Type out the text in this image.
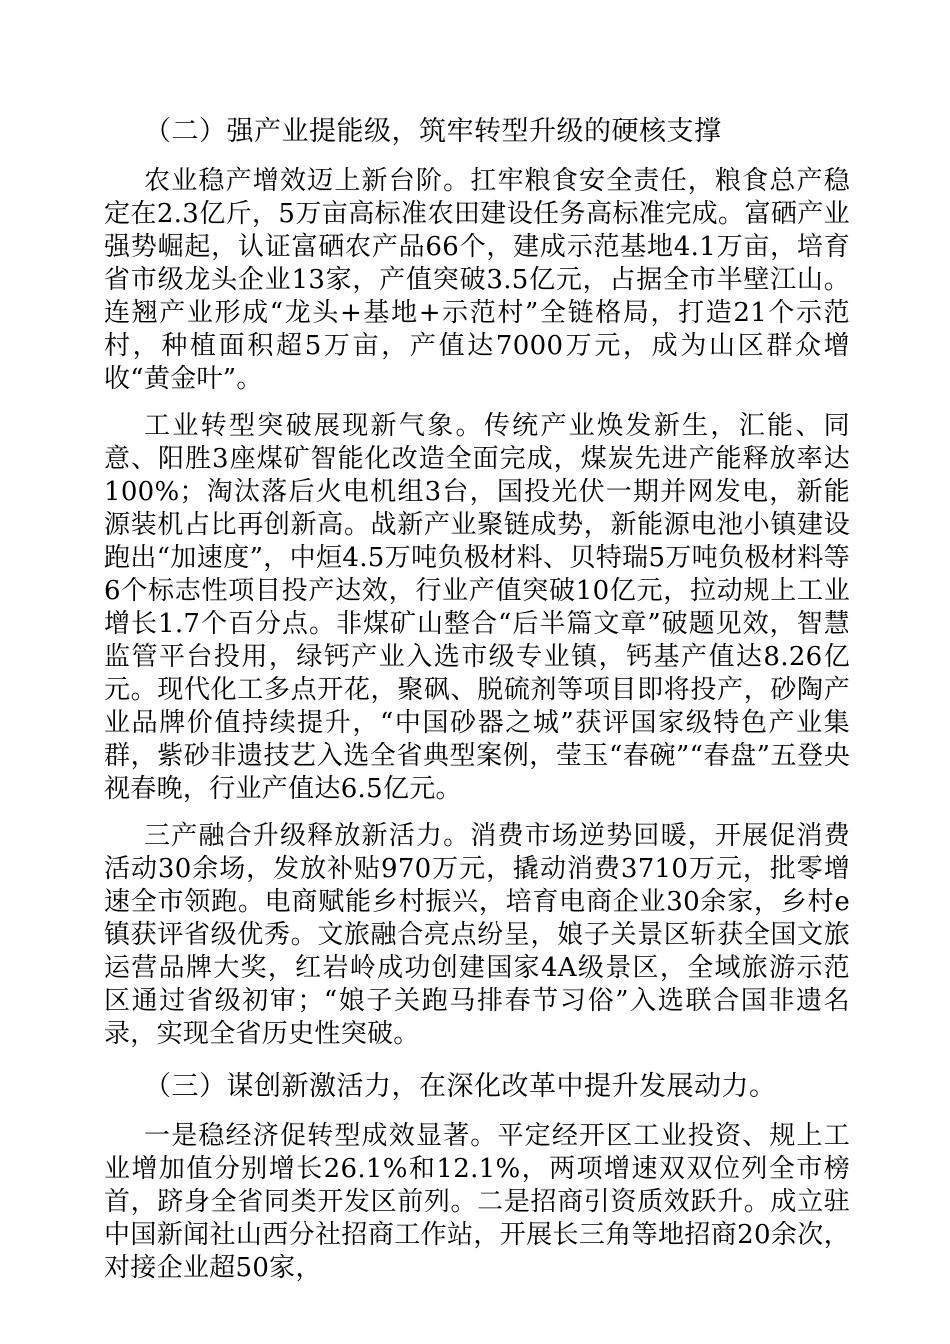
（二）强产业提能级，筑牢转型升级的硬核支撑

农业稳产增效迈上新台阶。扛牢粮食安全责任，粮食总产稳定在2.3亿斤，5万亩高标准农田建设任务高标准完成。富硒产业强势崛起，认证富硒农产品66个，建成示范基地4.1万亩，培育省市级龙头企业13家，产值突破3.5亿元，占据全市半壁江山。连翘产业形成“龙头+基地+示范村”全链格局，打造21个示范村，种植面积超5万亩，产值达7000万元，成为山区群众增收“黄金叶”。

工业转型突破展现新气象。传统产业焕发新生，汇能、同意、阳胜3座煤矿智能化改造全面完成，煤炭先进产能释放率达100%；淘汰落后火电机组3台，国投光伏一期并网发电，新能源装机占比再创新高。战新产业聚链成势，新能源电池小镇建设跑出“加速度”，中烜4.5万吨负极材料、贝特瑞5万吨负极材料等6个标志性项目投产达效，行业产值突破10亿元，拉动规上工业增长1.7个百分点。非煤矿山整合“后半篇文章”破题见效，智慧监管平台投用，绿钙产业入选市级专业镇，钙基产值达8.26亿元。现代化工多点开花，聚砜、脱硫剂等项目即将投产，砂陶产业品牌价值持续提升，“中国砂器之城”获评国家级特色产业集群，紫砂非遗技艺入选全省典型案例，莹玉“春碗”“春盘”五登央视春晚，行业产值达6.5亿元。

三产融合升级释放新活力。消费市场逆势回暖，开展促消费活动30余场，发放补贴970万元，撬动消费3710万元，批零增速全市领跑。电商赋能乡村振兴，培育电商企业30余家，乡村e镇获评省级优秀。文旅融合亮点纷呈，娘子关景区斩获全国文旅运营品牌大奖，红岩岭成功创建国家4A级景区，全域旅游示范区通过省级初审；“娘子关跑马排春节习俗”入选联合国非遗名录，实现全省历史性突破。

（三）谋创新激活力，在深化改革中提升发展动力。

一是稳经济促转型成效显著。平定经开区工业投资、规上工业增加值分别增长26.1%和12.1%，两项增速双双位列全市榜首，跻身全省同类开发区前列。二是招商引资质效跃升。成立驻中国新闻社山西分社招商工作站，开展长三角等地招商20余次，对接企业超50家，
